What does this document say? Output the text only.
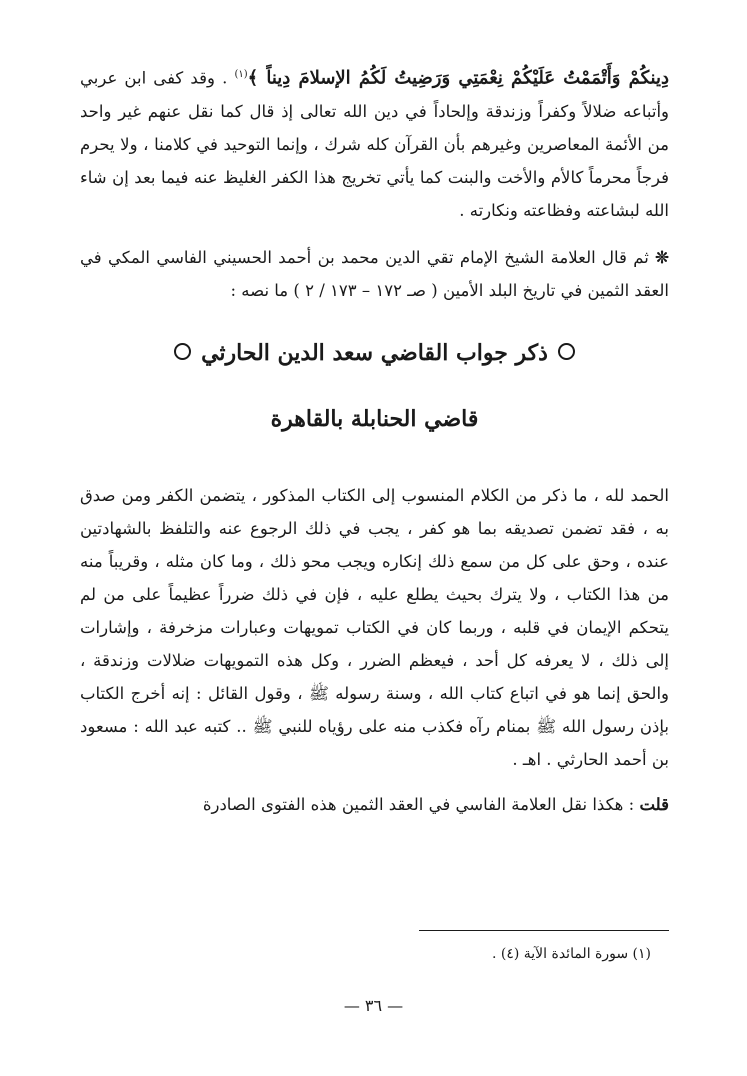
دِينكُمْ وَأَتْمَمْتُ عَلَيْكُمْ نِعْمَتِي وَرَضِيتُ لَكُمُ الإسلامَ دِيناً ﴾$^{(١)}$ . وقد كفى ابن عربي وأتباعه ضلالاً وكفراً وزندقة وإلحاداً في دين الله تعالى إذ قال كما نقل عنهم غير واحد من الأئمة المعاصرين وغيرهم بأن القرآن كله شرك ، وإنما التوحيد في كلامنا ، ولا يحرم فرجاً محرماً كالأم والأخت والبنت كما يأتي تخريج هذا الكفر الغليظ عنه فيما بعد إن شاء الله لبشاعته وفظاعته ونكارته .

❊ ثم قال العلامة الشيخ الإمام تقي الدين محمد بن أحمد الحسيني الفاسي المكي في العقد الثمين في تاريخ البلد الأمين ( صـ ١٧٢ – ١٧٣ / ٢ ) ما نصه :

ذكر جواب القاضي سعد الدين الحارثي
قاضي الحنابلة بالقاهرة

الحمد لله ، ما ذكر من الكلام المنسوب إلى الكتاب المذكور ، يتضمن الكفر ومن صدق به ، فقد تضمن تصديقه بما هو كفر ، يجب في ذلك الرجوع عنه والتلفظ بالشهادتين عنده ، وحق على كل من سمع ذلك إنكاره ويجب محو ذلك ، وما كان مثله ، وقريباً منه من هذا الكتاب ، ولا يترك بحيث يطلع عليه ، فإن في ذلك ضرراً عظيماً على من لم يتحكم الإيمان في قلبه ، وربما كان في الكتاب تمويهات وعبارات مزخرفة ، وإشارات إلى ذلك ، لا يعرفه كل أحد ، فيعظم الضرر ، وكل هذه التمويهات ضلالات وزندقة ، والحق إنما هو في اتباع كتاب الله ، وسنة رسوله ﷺ ، وقول القائل : إنه أخرج الكتاب بإذن رسول الله ﷺ بمنام رآه فكذب منه على رؤياه للنبي ﷺ .. كتبه عبد الله : مسعود بن أحمد الحارثي . اهـ .

قلت : هكذا نقل العلامة الفاسي في العقد الثمين هذه الفتوى الصادرة

(١) سورة المائدة الآية (٤) .

— ٣٦ —
